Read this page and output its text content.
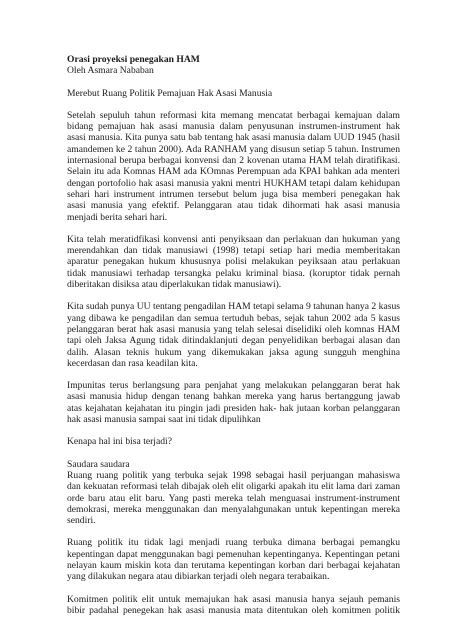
Orasi proyeksi penegakan HAM

Oleh Asmara Nababan

Merebut Ruang Politik Pemajuan Hak Asasi Manusia

Setelah sepuluh tahun reformasi kita memang mencatat berbagai kemajuan dalam
bidang pemajuan hak asasi manusia dalam penyusunan instrumen-instrument hak
asasi manusia. Kita punya satu bab tentang hak asasi manusia dalam UUD 1945 (hasil
amandemen ke 2 tahun 2000). Ada RANHAM yang disusun setiap 5 tahun. Instrumen
internasional berupa berbagai konvensi dan 2 kovenan utama HAM telah diratifikasi.
Selain itu ada Komnas HAM ada KOmnas Perempuan ada KPAI bahkan ada menteri
dengan portofolio hak asasi manusia yakni mentri HUKHAM tetapi dalam kehidupan
sehari hari instrument intrumen tersebut belum juga bisa memberi penegakan hak
asasi manusia yang efektif. Pelanggaran atau tidak dihormati hak asasi manusia
menjadi berita sehari hari.
Kita telah meratidfikasi konvensi anti penyiksaan dan perlakuan dan hukuman yang
merendahkan dan tidak manusiawi (1998) tetapi setiap hari media memberitakan
aparatur penegakan hukum khususnya polisi melakukan peyiksaan atau perlakuan
tidak manusiawi terhadap tersangka pelaku kriminal biasa. (koruptor tidak pernah
diberitakan disiksa atau diperlakukan tidak manusiawi).
Kita sudah punya UU tentang pengadilan HAM tetapi selama 9 tahunan hanya 2 kasus
yang dibawa ke pengadilan dan semua tertuduh bebas, sejak tahun 2002 ada 5 kasus
pelanggaran berat hak asasi manusia yang telah selesai diselidiki oleh komnas HAM
tapi oleh Jaksa Agung tidak ditindaklanjuti degan penyelidikan berbagai alasan dan
dalih. Alasan teknis hukum yang dikemukakan jaksa agung sungguh menghina
kecerdasan dan rasa keadilan kita.
Impunitas terus berlangsung para penjahat yang melakukan pelanggaran berat hak
asasi manusia hidup dengan tenang bahkan mereka yang harus bertanggung jawab
atas kejahatan kejahatan itu pingin jadi presiden hak- hak jutaan korban pelanggaran
hak asasi manusia sampai saat ini tidak dipulihkan

Kenapa hal ini bisa terjadi?

Saudara saudara

Ruang ruang politik yang terbuka sejak 1998 sebagai hasil perjuangan mahasiswa
dan kekuatan reformasi telah dibajak oleh elit oligarki apakah itu elit lama dari zaman
orde baru atau elit baru. Yang pasti mereka telah menguasai instrument-instrument
demokrasi, mereka menggunakan dan menyalahgunakan untuk kepentingan mereka
sendiri.
Ruang politik itu tidak lagi menjadi ruang terbuka dimana berbagai pemangku
kepentingan dapat menggunakan bagi pemenuhan kepentinganya. Kepentingan petani
nelayan kaum miskin kota dan terutama kepentingan korban dari berbagai kejahatan
yang dilakukan negara atau dibiarkan terjadi oleh negara terabaikan.
Komitmen politik elit untuk memajukan hak asasi manusia hanya sejauh pemanis
bibir padahal penegekan hak asasi manusia mata ditentukan oleh komitmen politik
